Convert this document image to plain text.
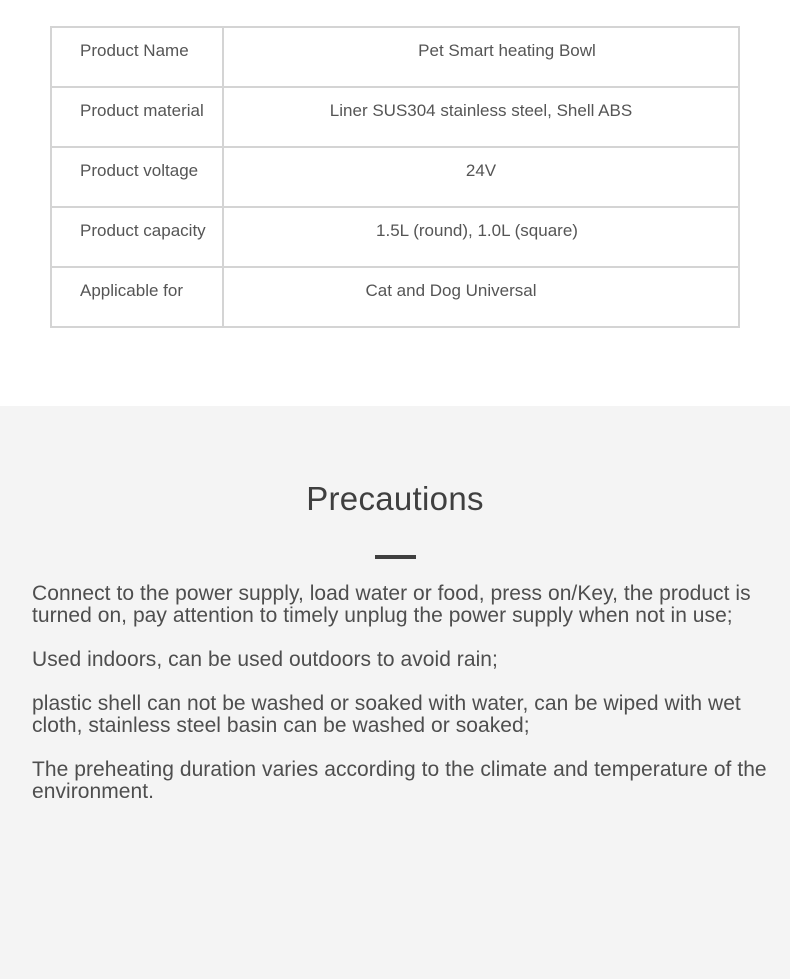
Product Name	Pet Smart heating Bowl
Product material	Liner SUS304 stainless steel, Shell ABS
Product voltage	24V
Product capacity	1.5L (round), 1.0L (square)
Applicable for	Cat and Dog Universal
Precautions
Connect to the power supply, load water or food, press on/Key, the product is turned on, pay attention to timely unplug the power supply when not in use;
Used indoors, can be used outdoors to avoid rain;
plastic shell can not be washed or soaked with water, can be wiped with wet cloth, stainless steel basin can be washed or soaked;
The preheating duration varies according to the climate and temperature of the environment.
